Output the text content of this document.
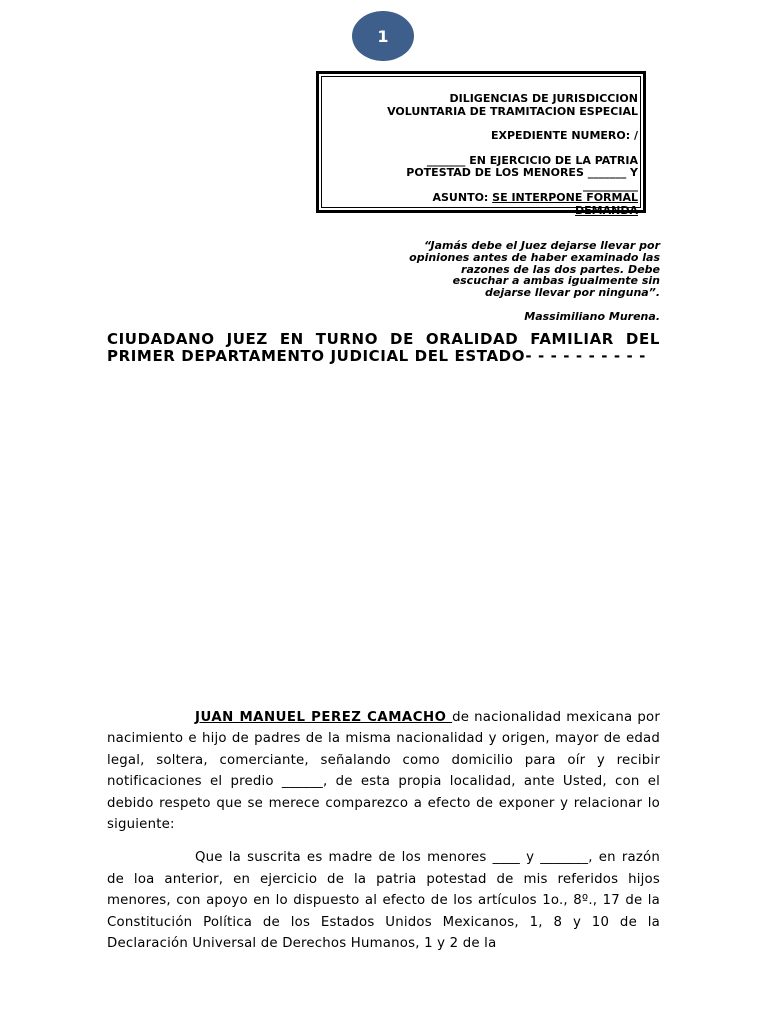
1
DILIGENCIAS DE JURISDICCION
VOLUNTARIA DE TRAMITACION ESPECIAL
EXPEDIENTE NUMERO: /
_______ EN EJERCICIO DE LA PATRIA
POTESTAD DE LOS MENORES _______ Y
__________
ASUNTO: SE INTERPONE FORMAL
DEMANDA
“Jamás debe el Juez dejarse llevar por
opiniones antes de haber examinado las
razones de las dos partes. Debe
escuchar a ambas igualmente sin
dejarse llevar por ninguna”.
Massimiliano Murena.
CIUDADANO JUEZ EN TURNO DE ORALIDAD FAMILIAR DEL PRIMER DEPARTAMENTO JUDICIAL DEL ESTADO- - - - - - - - - -

JUAN MANUEL PEREZ CAMACHO de nacionalidad mexicana por nacimiento e hijo de padres de la misma nacionalidad y origen, mayor de edad legal, soltera, comerciante, señalando como domicilio para oír y recibir notificaciones el predio ______, de esta propia localidad, ante Usted, con el debido respeto que se merece comparezco a efecto de exponer y relacionar lo siguiente:

Que la suscrita es madre de los menores ____ y _______, en razón de loa anterior, en ejercicio de la patria potestad de mis referidos hijos menores, con apoyo en lo dispuesto al efecto de los artículos 1o., 8º., 17 de la Constitución Política de los Estados Unidos Mexicanos, 1, 8 y 10 de la Declaración Universal de Derechos Humanos, 1 y 2 de la
